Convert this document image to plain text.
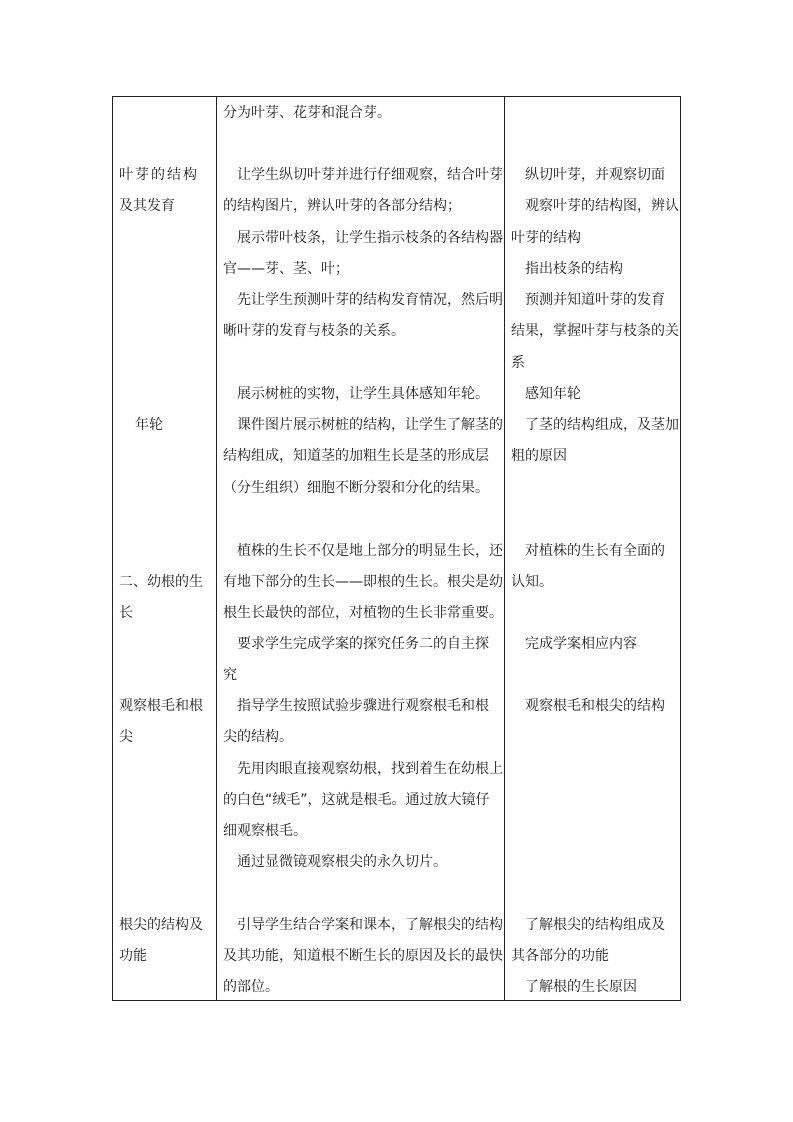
叶芽的结构
及其发育
年轮
二、幼根的生
长
观察根毛和根
尖
根尖的结构及
功能
分为叶芽、花芽和混合芽。
让学生纵切叶芽并进行仔细观察，结合叶芽
的结构图片，辨认叶芽的各部分结构；
展示带叶枝条，让学生指示枝条的各结构器
官——芽、茎、叶；
先让学生预测叶芽的结构发育情况，然后明
晰叶芽的发育与枝条的关系。
展示树桩的实物，让学生具体感知年轮。
课件图片展示树桩的结构，让学生了解茎的
结构组成，知道茎的加粗生长是茎的形成层
（分生组织）细胞不断分裂和分化的结果。
植株的生长不仅是地上部分的明显生长，还
有地下部分的生长——即根的生长。根尖是幼
根生长最快的部位，对植物的生长非常重要。
要求学生完成学案的探究任务二的自主探
究
指导学生按照试验步骤进行观察根毛和根
尖的结构。
先用肉眼直接观察幼根，找到着生在幼根上
的白色“绒毛”，这就是根毛。通过放大镜仔
细观察根毛。
通过显微镜观察根尖的永久切片。
引导学生结合学案和课本，了解根尖的结构
及其功能，知道根不断生长的原因及长的最快
的部位。
纵切叶芽，并观察切面
观察叶芽的结构图，辨认
叶芽的结构
指出枝条的结构
预测并知道叶芽的发育
结果，掌握叶芽与枝条的关
系
感知年轮
了茎的结构组成，及茎加
粗的原因
对植株的生长有全面的
认知。
完成学案相应内容
观察根毛和根尖的结构
了解根尖的结构组成及
其各部分的功能
了解根的生长原因
